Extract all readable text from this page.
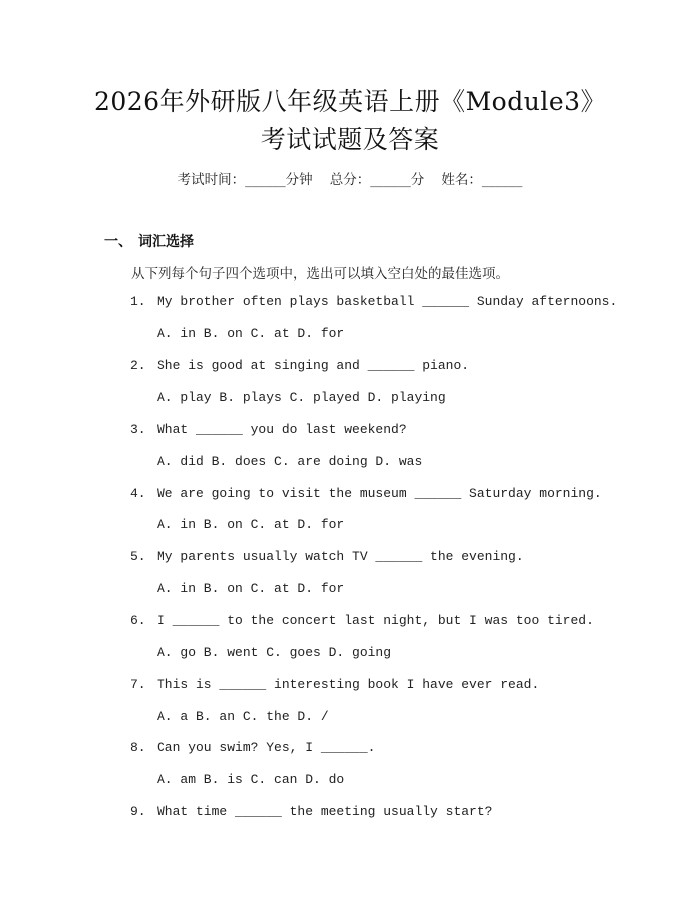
2026年外研版八年级英语上册《Module3》
考试试题及答案
考试时间：______分钟    总分：______分    姓名：______
一、 词汇选择
从下列每个句子四个选项中，选出可以填入空白处的最佳选项。
1. My brother often plays basketball ______ Sunday afternoons.
A. in B. on C. at D. for
2. She is good at singing and ______ piano.
A. play B. plays C. played D. playing
3. What ______ you do last weekend?
A. did B. does C. are doing D. was
4. We are going to visit the museum ______ Saturday morning.
A. in B. on C. at D. for
5. My parents usually watch TV ______ the evening.
A. in B. on C. at D. for
6. I ______ to the concert last night, but I was too tired.
A. go B. went C. goes D. going
7. This is ______ interesting book I have ever read.
A. a B. an C. the D. /
8. Can you swim? Yes, I ______.
A. am B. is C. can D. do
9. What time ______ the meeting usually start?
